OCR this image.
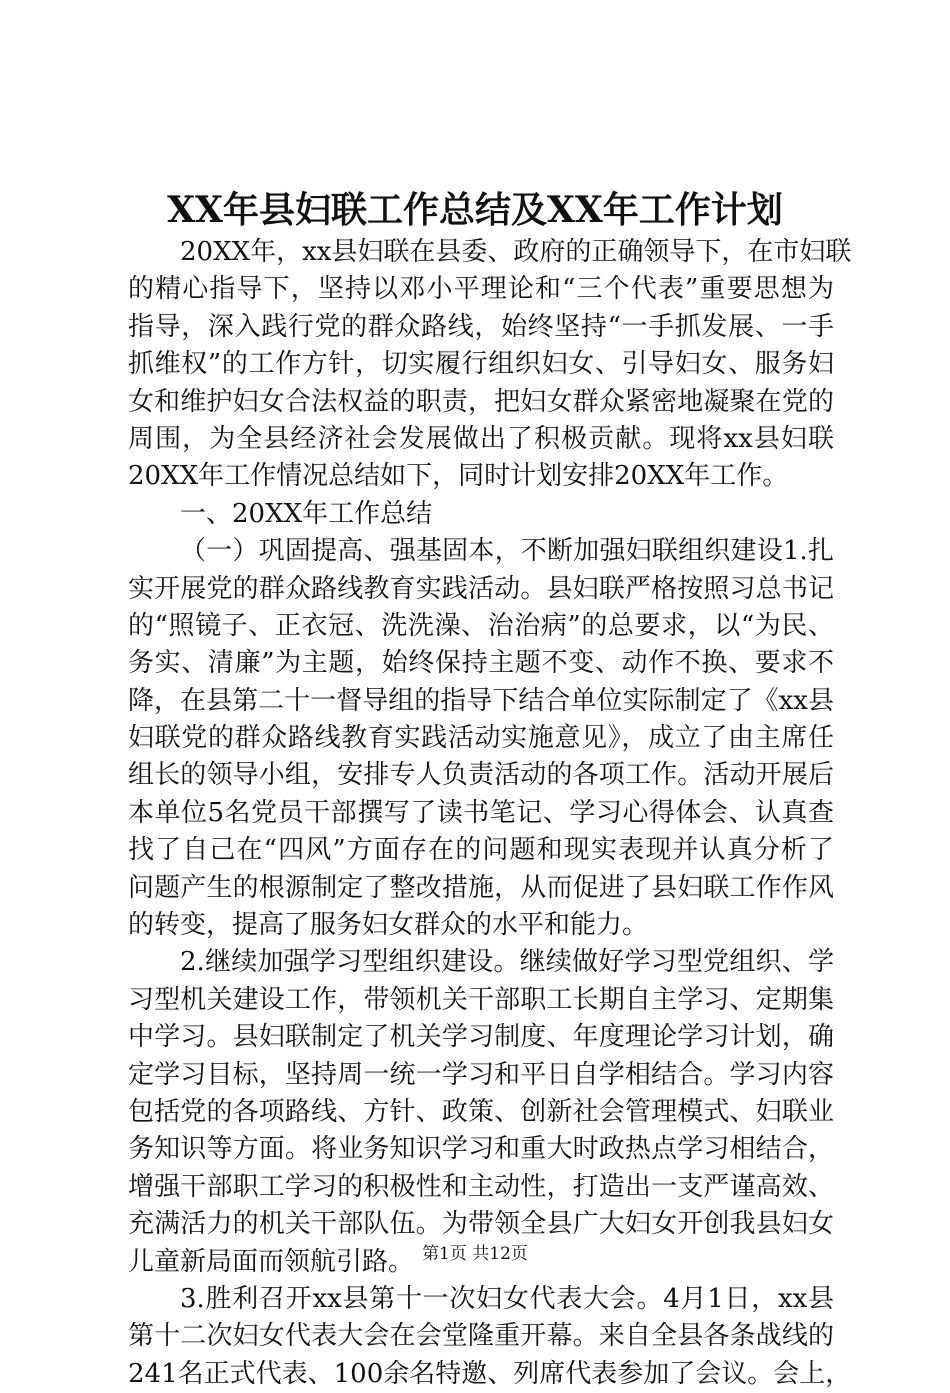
XX年县妇联工作总结及XX年工作计划
20XX年，xx县妇联在县委、政府的正确领导下，在市妇联
的精心指导下，坚持以邓小平理论和“三个代表”重要思想为
指导，深入践行党的群众路线，始终坚持“一手抓发展、一手
抓维权”的工作方针，切实履行组织妇女、引导妇女、服务妇
女和维护妇女合法权益的职责，把妇女群众紧密地凝聚在党的
周围，为全县经济社会发展做出了积极贡献。现将xx县妇联
20XX年工作情况总结如下，同时计划安排20XX年工作。
一、20XX年工作总结
（一）巩固提高、强基固本，不断加强妇联组织建设1.扎
实开展党的群众路线教育实践活动。县妇联严格按照习总书记
的“照镜子、正衣冠、洗洗澡、治治病”的总要求，以“为民、
务实、清廉”为主题，始终保持主题不变、动作不换、要求不
降，在县第二十一督导组的指导下结合单位实际制定了《xx县
妇联党的群众路线教育实践活动实施意见》，成立了由主席任
组长的领导小组，安排专人负责活动的各项工作。活动开展后
本单位5名党员干部撰写了读书笔记、学习心得体会、认真查
找了自己在“四风”方面存在的问题和现实表现并认真分析了
问题产生的根源制定了整改措施，从而促进了县妇联工作作风
的转变，提高了服务妇女群众的水平和能力。
2.继续加强学习型组织建设。继续做好学习型党组织、学
习型机关建设工作，带领机关干部职工长期自主学习、定期集
中学习。县妇联制定了机关学习制度、年度理论学习计划，确
定学习目标，坚持周一统一学习和平日自学相结合。学习内容
包括党的各项路线、方针、政策、创新社会管理模式、妇联业
务知识等方面。将业务知识学习和重大时政热点学习相结合，
增强干部职工学习的积极性和主动性，打造出一支严谨高效、
充满活力的机关干部队伍。为带领全县广大妇女开创我县妇女
儿童新局面而领航引路。
3.胜利召开xx县第十一次妇女代表大会。4月1日，xx县
第十二次妇女代表大会在会堂隆重开幕。来自全县各条战线的
241名正式代表、100余名特邀、列席代表参加了会议。会上，
第1页 共12页
